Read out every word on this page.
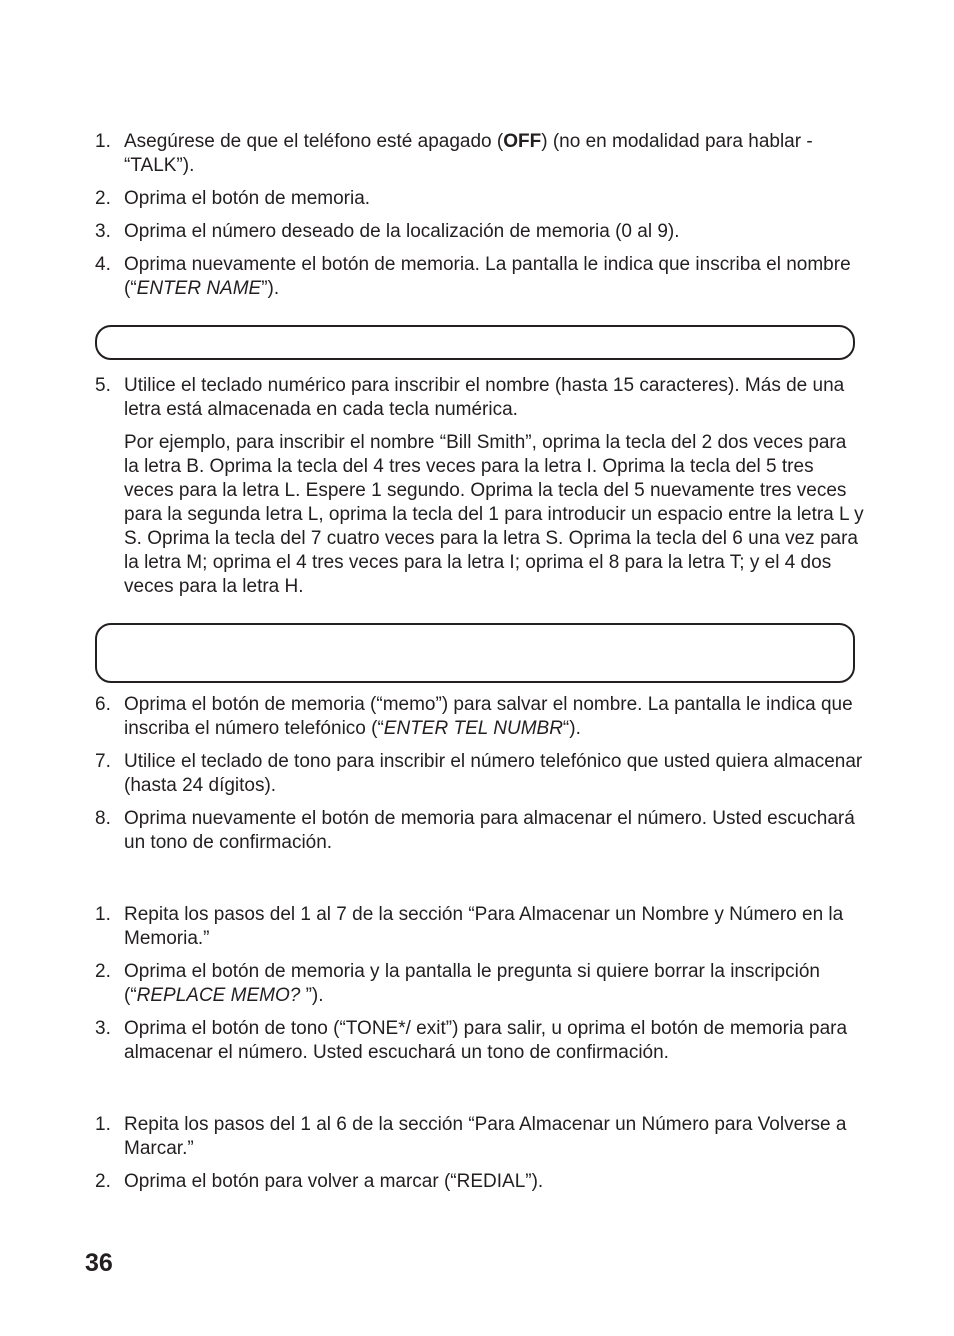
1. Asegúrese de que el teléfono esté apagado (OFF) (no en modalidad para hablar - “TALK”).
2. Oprima el botón de memoria.
3. Oprima el número deseado de la localización de memoria (0 al 9).
4. Oprima nuevamente el botón de memoria. La pantalla le indica que inscriba el nombre (“ENTER NAME”).
5. Utilice el teclado numérico para inscribir el nombre (hasta 15 caracteres). Más de una letra está almacenada en cada tecla numérica.
Por ejemplo, para inscribir el nombre “Bill Smith”, oprima la tecla del 2 dos veces para la letra B. Oprima la tecla del 4 tres veces para la letra I. Oprima la tecla del 5 tres veces para la letra L. Espere 1 segundo. Oprima la tecla del 5 nuevamente tres veces para la segunda letra L, oprima la tecla del 1 para introducir un espacio entre la letra L y S. Oprima la tecla del 7 cuatro veces para la letra S. Oprima la tecla del 6 una vez para la letra M; oprima el 4 tres veces para la letra I; oprima el 8 para la letra T; y el 4 dos veces para la letra H.
6. Oprima el botón de memoria (“memo”) para salvar el nombre. La pantalla le indica que inscriba el número telefónico (“ENTER TEL NUMBR“).
7. Utilice el teclado de tono para inscribir el número telefónico que usted quiera almacenar (hasta 24 dígitos).
8. Oprima nuevamente el botón de memoria para almacenar el número. Usted escuchará un tono de confirmación.
1. Repita los pasos del 1 al 7 de la sección “Para Almacenar un Nombre y Número en la Memoria.”
2. Oprima el botón de memoria y la pantalla le pregunta si quiere borrar la inscripción (“REPLACE MEMO? ”).
3. Oprima el botón de tono (“TONE*/ exit”) para salir, u oprima el botón de memoria para almacenar el número. Usted escuchará un tono de confirmación.
1. Repita los pasos del 1 al 6 de la sección “Para Almacenar un Número para Volverse a Marcar.”
2. Oprima el botón para volver a marcar (“REDIAL”).
36
